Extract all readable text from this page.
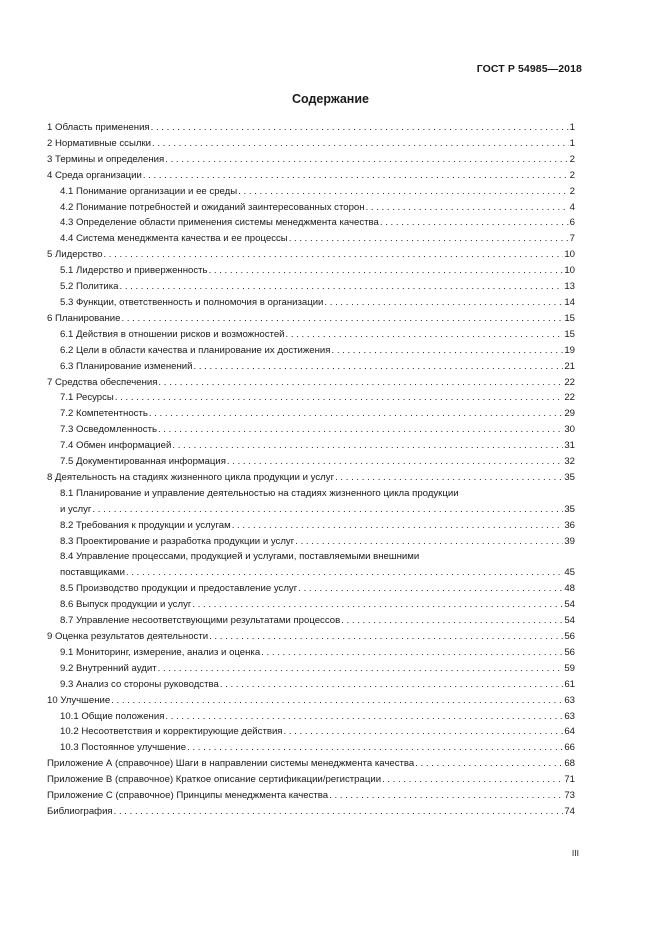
ГОСТ Р 54985—2018
Содержание
1 Область применения . . .	1
2 Нормативные ссылки . . .	1
3 Термины и определения . . .	2
4 Среда организации . . .	2
4.1 Понимание организации и ее среды . . .	2
4.2 Понимание потребностей и ожиданий заинтересованных сторон . . .	4
4.3 Определение области применения системы менеджмента качества . . .	6
4.4 Система менеджмента качества и ее процессы . . .	7
5 Лидерство . . .	10
5.1 Лидерство и приверженность . . .	10
5.2 Политика . . .	13
5.3 Функции, ответственность и полномочия в организации . . .	14
6 Планирование . . .	15
6.1 Действия в отношении рисков и возможностей . . .	15
6.2 Цели в области качества и планирование их достижения . . .	19
6.3 Планирование изменений . . .	21
7 Средства обеспечения . . .	22
7.1 Ресурсы . . .	22
7.2 Компетентность . . .	29
7.3 Осведомленность . . .	30
7.4 Обмен информацией . . .	31
7.5 Документированная информация . . .	32
8 Деятельность на стадиях жизненного цикла продукции и услуг . . .	35
8.1 Планирование и управление деятельностью на стадиях жизненного цикла продукции
и услуг . . .	35
8.2 Требования к продукции и услугам . . .	36
8.3 Проектирование и разработка продукции и услуг . . .	39
8.4 Управление процессами, продукцией и услугами, поставляемыми внешними
поставщиками . . .	45
8.5 Производство продукции и предоставление услуг . . .	48
8.6 Выпуск продукции и услуг . . .	54
8.7 Управление несоответствующими результатами процессов . . .	54
9 Оценка результатов деятельности . . .	56
9.1 Мониторинг, измерение, анализ и оценка . . .	56
9.2 Внутренний аудит . . .	59
9.3 Анализ со стороны руководства . . .	61
10 Улучшение . . .	63
10.1 Общие положения . . .	63
10.2 Несоответствия и корректирующие действия . . .	64
10.3 Постоянное улучшение . . .	66
Приложение А (справочное) Шаги в направлении системы менеджмента качества . . .	68
Приложение В (справочное) Краткое описание сертификации/регистрации . . .	71
Приложение С (справочное) Принципы менеджмента качества . . .	73
Библиография . . .	74
III
